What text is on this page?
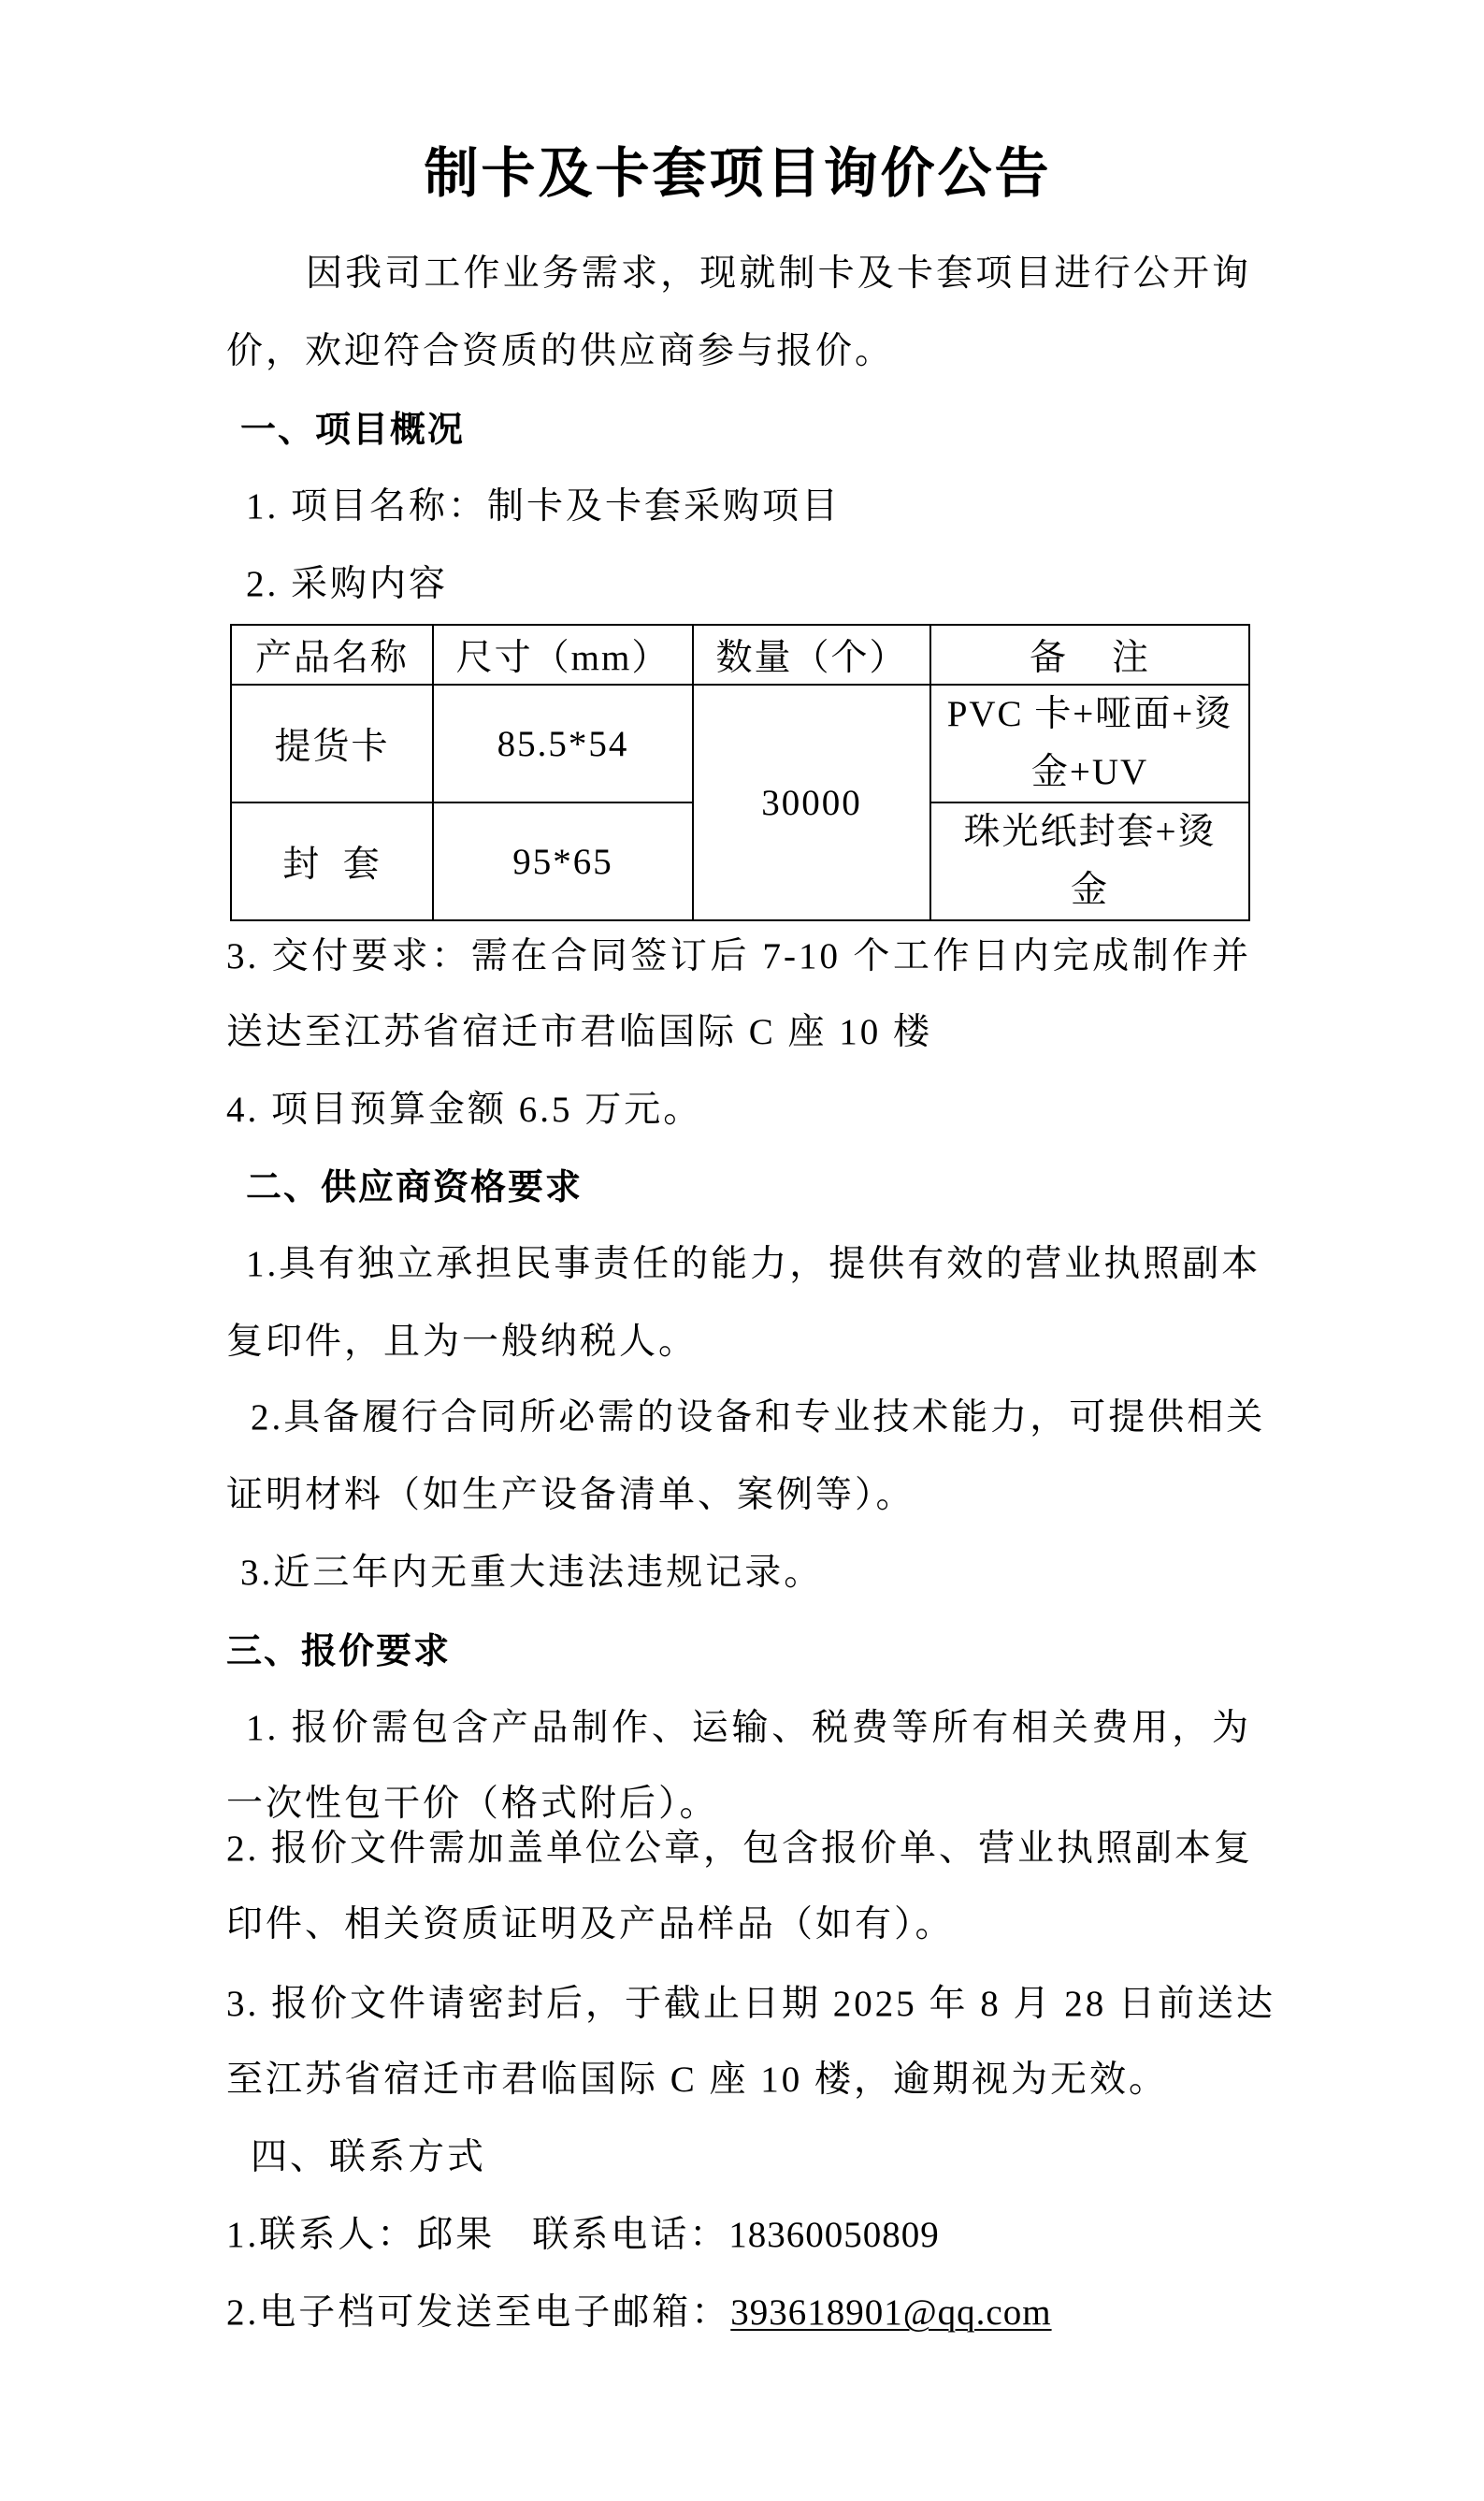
制卡及卡套项目询价公告
因我司工作业务需求，现就制卡及卡套项目进行公开询
价，欢迎符合资质的供应商参与报价。
一、项目概况
1. 项目名称：制卡及卡套采购项目
2. 采购内容
产品名称	尺寸（mm）	数量（个）	备    注
提货卡	85.5*54	30000	PVC 卡+哑面+烫
金+UV

封  套	95*65		珠光纸封套+烫
金
3. 交付要求：需在合同签订后 7-10 个工作日内完成制作并
送达至江苏省宿迁市君临国际 C 座 10 楼
4. 项目预算金额 6.5 万元。
二、供应商资格要求
1.具有独立承担民事责任的能力，提供有效的营业执照副本
复印件，且为一般纳税人。
2.具备履行合同所必需的设备和专业技术能力，可提供相关
证明材料（如生产设备清单、案例等）。
3.近三年内无重大违法违规记录。
三、报价要求
1. 报价需包含产品制作、运输、税费等所有相关费用，为
一次性包干价（格式附后）。
2. 报价文件需加盖单位公章，包含报价单、营业执照副本复
印件、相关资质证明及产品样品（如有）。
3. 报价文件请密封后，于截止日期 2025 年 8 月 28 日前送达
至江苏省宿迁市君临国际 C 座 10 楼，逾期视为无效。
四、联系方式
1.联系人：邱果 联系电话：18360050809
2.电子档可发送至电子邮箱：393618901@qq.com
